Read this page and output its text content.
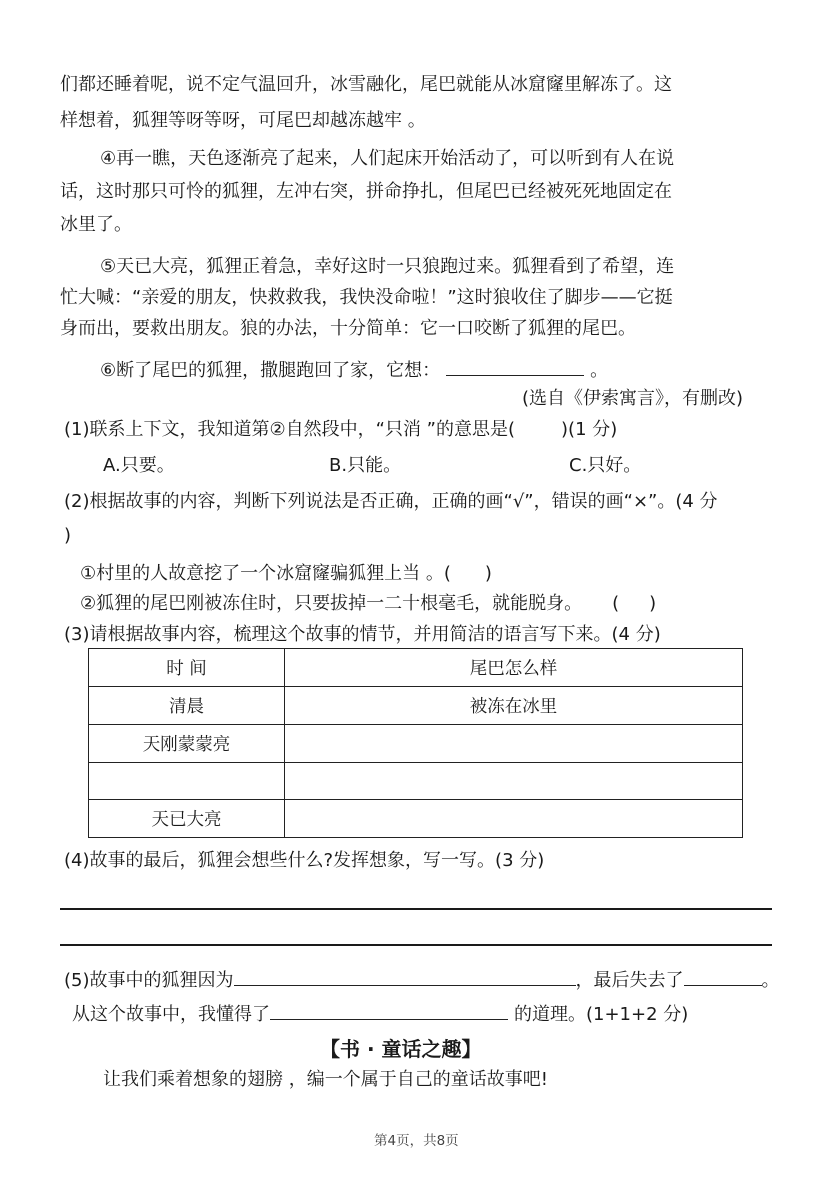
们都还睡着呢，说不定气温回升，冰雪融化，尾巴就能从冰窟窿里解冻了。这
样想着，狐狸等呀等呀，可尾巴却越冻越牢 。
④再一瞧，天色逐渐亮了起来，人们起床开始活动了，可以听到有人在说
话，这时那只可怜的狐狸，左冲右突，拼命挣扎，但尾巴已经被死死地固定在
冰里了。
⑤天已大亮，狐狸正着急，幸好这时一只狼跑过来。狐狸看到了希望，连
忙大喊：“亲爱的朋友，快救救我，我快没命啦！”这时狼收住了脚步——它挺
身而出，要救出朋友。狼的办法，十分简单：它一口咬断了狐狸的尾巴。
⑥断了尾巴的狐狸，撒腿跑回了家，它想：	。
(选自《伊索寓言》，有删改)
(1)联系上下文，我知道第②自然段中，“只消 ”的意思是(	)(1 分)
A.只要。	B.只能。	C.只好。
(2)根据故事的内容，判断下列说法是否正确，正确的画“√”，错误的画“×”。(4 分
)
①村里的人故意挖了一个冰窟窿骗狐狸上当 。( )
②狐狸的尾巴刚被冻住时，只要拔掉一二十根毫毛，就能脱身。 ( )
(3)请根据故事内容，梳理这个故事的情节，并用简洁的语言写下来。(4 分)
时 间	尾巴怎么样
清晨	被冻在冰里
天刚蒙蒙亮	

天已大亮	
(4)故事的最后，狐狸会想些什么?发挥想象，写一写。(3 分)
(5)故事中的狐狸因为	，最后失去了	。
从这个故事中，我懂得了	的道理。(1+1+2 分)
【书 · 童话之趣】
让我们乘着想象的翅膀 ，编一个属于自己的童话故事吧!
第4页，共8页
